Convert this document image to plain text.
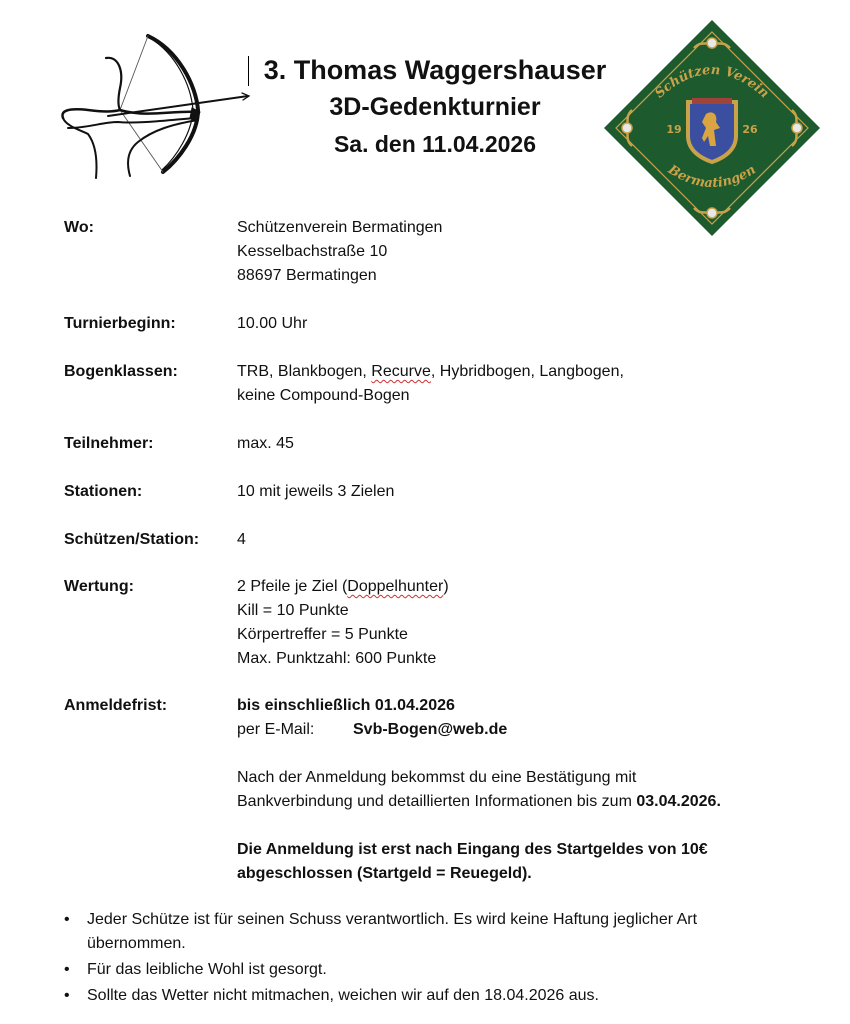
19	26
Schützen Verein
Bermatingen
3. Thomas Waggershauser
3D-Gedenkturnier
Sa. den 11.04.2026
Wo:	Schützenverein Bermatingen
Kesselbachstraße 10
88697 Bermatingen
Turnierbeginn:	10.00 Uhr
Bogenklassen:	TRB, Blankbogen, Recurve, Hybridbogen, Langbogen,
keine Compound-Bogen
Teilnehmer:	max. 45
Stationen:	10 mit jeweils 3 Zielen
Schützen/Station:	4
Wertung:	2 Pfeile je Ziel (Doppelhunter)
Kill = 10 Punkte
Körpertreffer = 5 Punkte
Max. Punktzahl: 600 Punkte
Anmeldefrist:	bis einschließlich 01.04.2026
per E-Mail: Svb-Bogen@web.de
Nach der Anmeldung bekommst du eine Bestätigung mit
Bankverbindung und detaillierten Informationen bis zum 03.04.2026.
Die Anmeldung ist erst nach Eingang des Startgeldes von 10€
abgeschlossen (Startgeld = Reuegeld).
• Jeder Schütze ist für seinen Schuss verantwortlich. Es wird keine Haftung jeglicher Art
übernommen.
• Für das leibliche Wohl ist gesorgt.
• Sollte das Wetter nicht mitmachen, weichen wir auf den 18.04.2026 aus.
